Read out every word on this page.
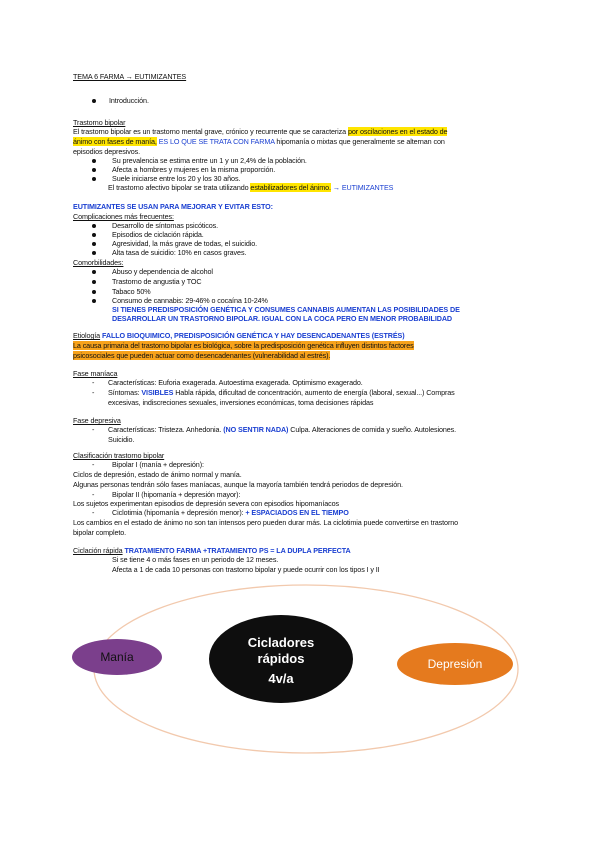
TEMA 6 FARMA → EUTIMIZANTES
Introducción.
Trastorno bipolar
El trastorno bipolar es un trastorno mental grave, crónico y recurrente que se caracteriza por oscilaciones en el estado de
ánimo con fases de manía, ES LO QUE SE TRATA CON FARMA hipomanía o mixtas que generalmente se alternan con
episodios depresivos.
Su prevalencia se estima entre un 1 y un 2,4% de la población.
Afecta a hombres y mujeres en la misma proporción.
Suele iniciarse entre los 20 y los 30 años.
El trastorno afectivo bipolar se trata utilizando estabilizadores del ánimo. → EUTIMIZANTES
EUTIMIZANTES SE USAN PARA MEJORAR Y EVITAR ESTO:
Complicaciones más frecuentes:
Desarrollo de síntomas psicóticos.
Episodios de ciclación rápida.
Agresividad, la más grave de todas, el suicidio.
Alta tasa de suicidio: 10% en casos graves.
Comorbilidades:
Abuso y dependencia de alcohol
Trastorno de angustia y TOC
Tabaco 50%
Consumo de cannabis: 29-46% o cocaína 10-24%
SI TIENES PREDISPOSICIÓN GENÉTICA Y CONSUMES CANNABIS AUMENTAN LAS POSIBILIDADES DE
DESARROLLAR UN TRASTORNO BIPOLAR. IGUAL CON LA COCA PERO EN MENOR PROBABILIDAD
Etiología FALLO BIOQUIMICO, PREDISPOSICIÓN GENÉTICA Y HAY DESENCADENANTES (ESTRÉS)
La causa primaria del trastorno bipolar es biológica, sobre la predisposición genética influyen distintos factores
psicosociales que pueden actuar como desencadenantes (vulnerabilidad al estrés).
Fase maníaca
- Características: Euforia exagerada. Autoestima exagerada. Optimismo exagerado.
- Síntomas: VISIBLES Habla rápida, dificultad de concentración, aumento de energía (laboral, sexual...) Compras
excesivas, indiscreciones sexuales, inversiones económicas, toma decisiones rápidas
Fase depresiva
- Características: Tristeza. Anhedonia. (NO SENTIR NADA) Culpa. Alteraciones de comida y sueño. Autolesiones.
Suicidio.
Clasificación trastorno bipolar
- Bipolar I (manía + depresión):
Ciclos de depresión, estado de ánimo normal y manía.
Algunas personas tendrán sólo fases maníacas, aunque la mayoría también tendrá periodos de depresión.
- Bipolar II (hipomanía + depresión mayor):
Los sujetos experimentan episodios de depresión severa con episodios hipomaníacos
- Ciclotimia (hipomanía + depresión menor): + ESPACIADOS EN EL TIEMPO
Los cambios en el estado de ánimo no son tan intensos pero pueden durar más. La ciclotimia puede convertirse en trastorno
bipolar completo.
Ciclación rápida TRATAMIENTO FARMA +TRATAMIENTO PS = LA DUPLA PERFECTA
Si se tiene 4 o más fases en un periodo de 12 meses.
Afecta a 1 de cada 10 personas con trastorno bipolar y puede ocurrir con los tipos I y II
Manía
Cicladores
rápidos
4v/a
Depresión
